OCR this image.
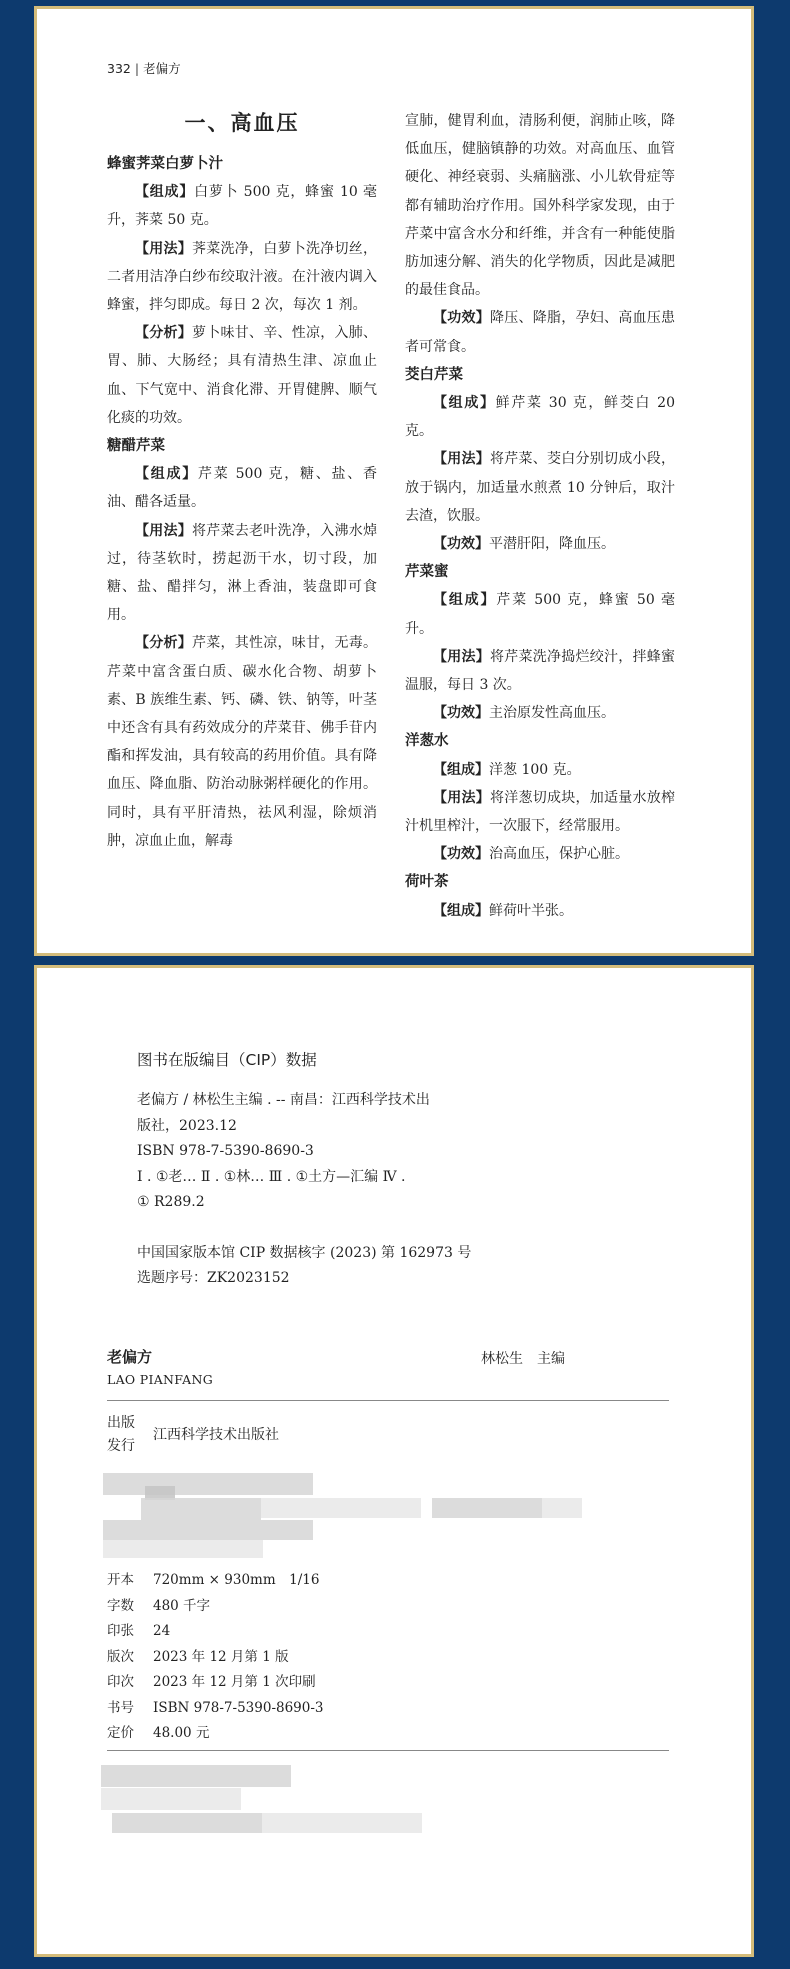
332 | 老偏方
一、高血压

蜂蜜荠菜白萝卜汁

【组成】白萝卜 500 克，蜂蜜 10 毫升，荠菜 50 克。

【用法】荠菜洗净，白萝卜洗净切丝，二者用洁净白纱布绞取汁液。在汁液内调入蜂蜜，拌匀即成。每日 2 次，每次 1 剂。

【分析】萝卜味甘、辛、性凉，入肺、胃、肺、大肠经；具有清热生津、凉血止血、下气宽中、消食化滞、开胃健脾、顺气化痰的功效。

糖醋芹菜

【组成】芹菜 500 克，糖、盐、香油、醋各适量。

【用法】将芹菜去老叶洗净，入沸水焯过，待茎软时，捞起沥干水，切寸段，加糖、盐、醋拌匀，淋上香油，装盘即可食用。

【分析】芹菜，其性凉，味甘，无毒。芹菜中富含蛋白质、碳水化合物、胡萝卜素、B 族维生素、钙、磷、铁、钠等，叶茎中还含有具有药效成分的芹菜苷、佛手苷内酯和挥发油，具有较高的药用价值。具有降血压、降血脂、防治动脉粥样硬化的作用。同时，具有平肝清热，祛风利湿，除烦消肿，凉血止血，解毒

宣肺，健胃利血，清肠利便，润肺止咳，降低血压，健脑镇静的功效。对高血压、血管硬化、神经衰弱、头痛脑涨、小儿软骨症等都有辅助治疗作用。国外科学家发现，由于芹菜中富含水分和纤维，并含有一种能使脂肪加速分解、消失的化学物质，因此是减肥的最佳食品。

【功效】降压、降脂，孕妇、高血压患者可常食。

茭白芹菜

【组成】鲜芹菜 30 克，鲜茭白 20 克。

【用法】将芹菜、茭白分别切成小段，放于锅内，加适量水煎煮 10 分钟后，取汁去渣，饮服。

【功效】平潜肝阳，降血压。

芹菜蜜

【组成】芹菜 500 克，蜂蜜 50 毫升。

【用法】将芹菜洗净捣烂绞汁，拌蜂蜜温服，每日 3 次。

【功效】主治原发性高血压。

洋葱水

【组成】洋葱 100 克。

【用法】将洋葱切成块，加适量水放榨汁机里榨汁，一次服下，经常服用。

【功效】治高血压，保护心脏。

荷叶茶

【组成】鲜荷叶半张。

图书在版编目（CIP）数据
老偏方 / 林松生主编 . -- 南昌：江西科学技术出
版社，2023.12
ISBN 978-7-5390-8690-3
Ⅰ . ①老… Ⅱ . ①林… Ⅲ . ①土方—汇编 Ⅳ .
① R289.2
中国国家版本馆 CIP 数据核字 (2023) 第 162973 号
选题序号：ZK2023152
老偏方
LAO PIANFANG
林松生 主编
出版
发行
江西科学技术出版社
开本 720mm × 930mm　1/16
字数 480 千字
印张 24
版次 2023 年 12 月第 1 版
印次 2023 年 12 月第 1 次印刷
书号 ISBN 978-7-5390-8690-3
定价 48.00 元
